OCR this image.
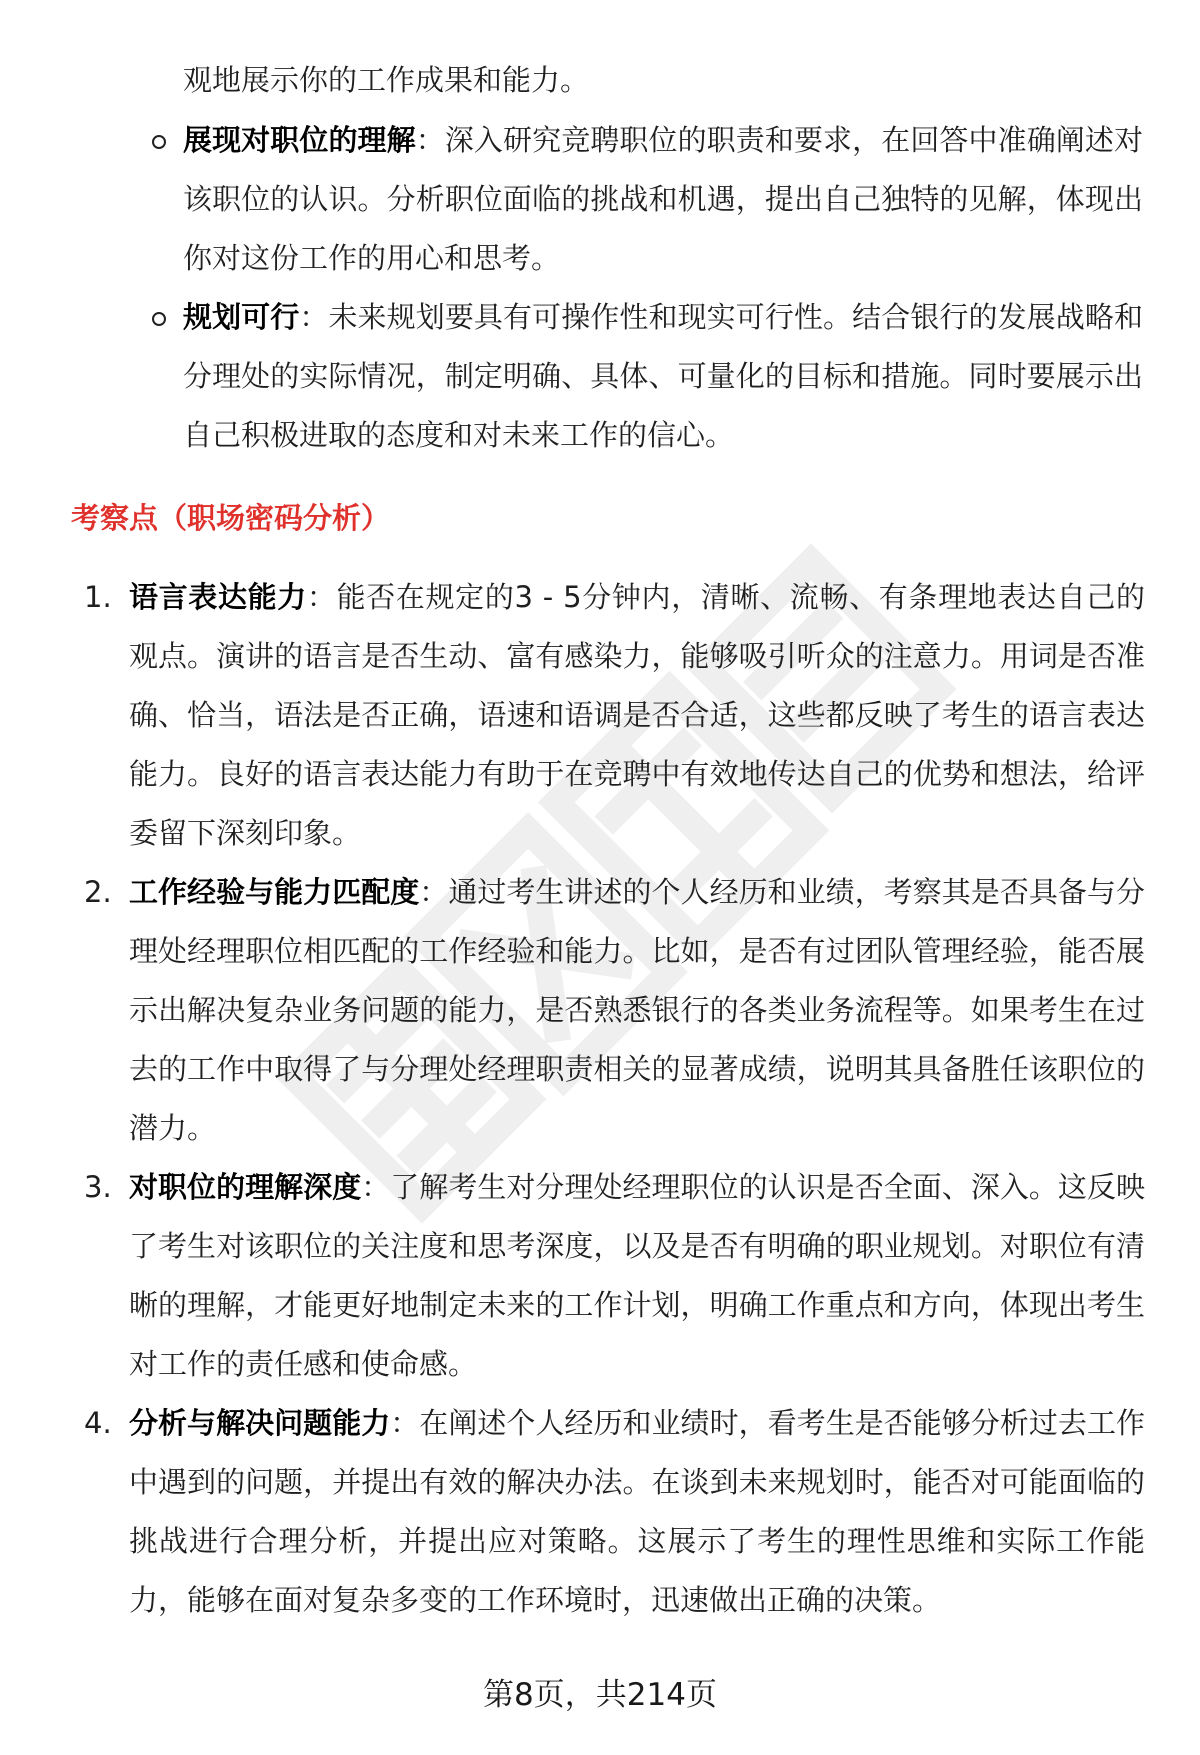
观地展示你的工作成果和能力。
展现对职位的理解：深入研究竞聘职位的职责和要求，在回答中准确阐述对该职位的认识。分析职位面临的挑战和机遇，提出自己独特的见解，体现出你对这份工作的用心和思考。
规划可行：未来规划要具有可操作性和现实可行性。结合银行的发展战略和分理处的实际情况，制定明确、具体、可量化的目标和措施。同时要展示出自己积极进取的态度和对未来工作的信心。
考察点（职场密码分析）
1. 语言表达能力：能否在规定的3 - 5分钟内，清晰、流畅、有条理地表达自己的观点。演讲的语言是否生动、富有感染力，能够吸引听众的注意力。用词是否准确、恰当，语法是否正确，语速和语调是否合适，这些都反映了考生的语言表达能力。良好的语言表达能力有助于在竞聘中有效地传达自己的优势和想法，给评委留下深刻印象。
2. 工作经验与能力匹配度：通过考生讲述的个人经历和业绩，考察其是否具备与分理处经理职位相匹配的工作经验和能力。比如，是否有过团队管理经验，能否展示出解决复杂业务问题的能力，是否熟悉银行的各类业务流程等。如果考生在过去的工作中取得了与分理处经理职责相关的显著成绩，说明其具备胜任该职位的潜力。
3. 对职位的理解深度：了解考生对分理处经理职位的认识是否全面、深入。这反映了考生对该职位的关注度和思考深度，以及是否有明确的职业规划。对职位有清晰的理解，才能更好地制定未来的工作计划，明确工作重点和方向，体现出考生对工作的责任感和使命感。
4. 分析与解决问题能力：在阐述个人经历和业绩时，看考生是否能够分析过去工作中遇到的问题，并提出有效的解决办法。在谈到未来规划时，能否对可能面临的挑战进行合理分析，并提出应对策略。这展示了考生的理性思维和实际工作能力，能够在面对复杂多变的工作环境时，迅速做出正确的决策。
第8页，共214页
